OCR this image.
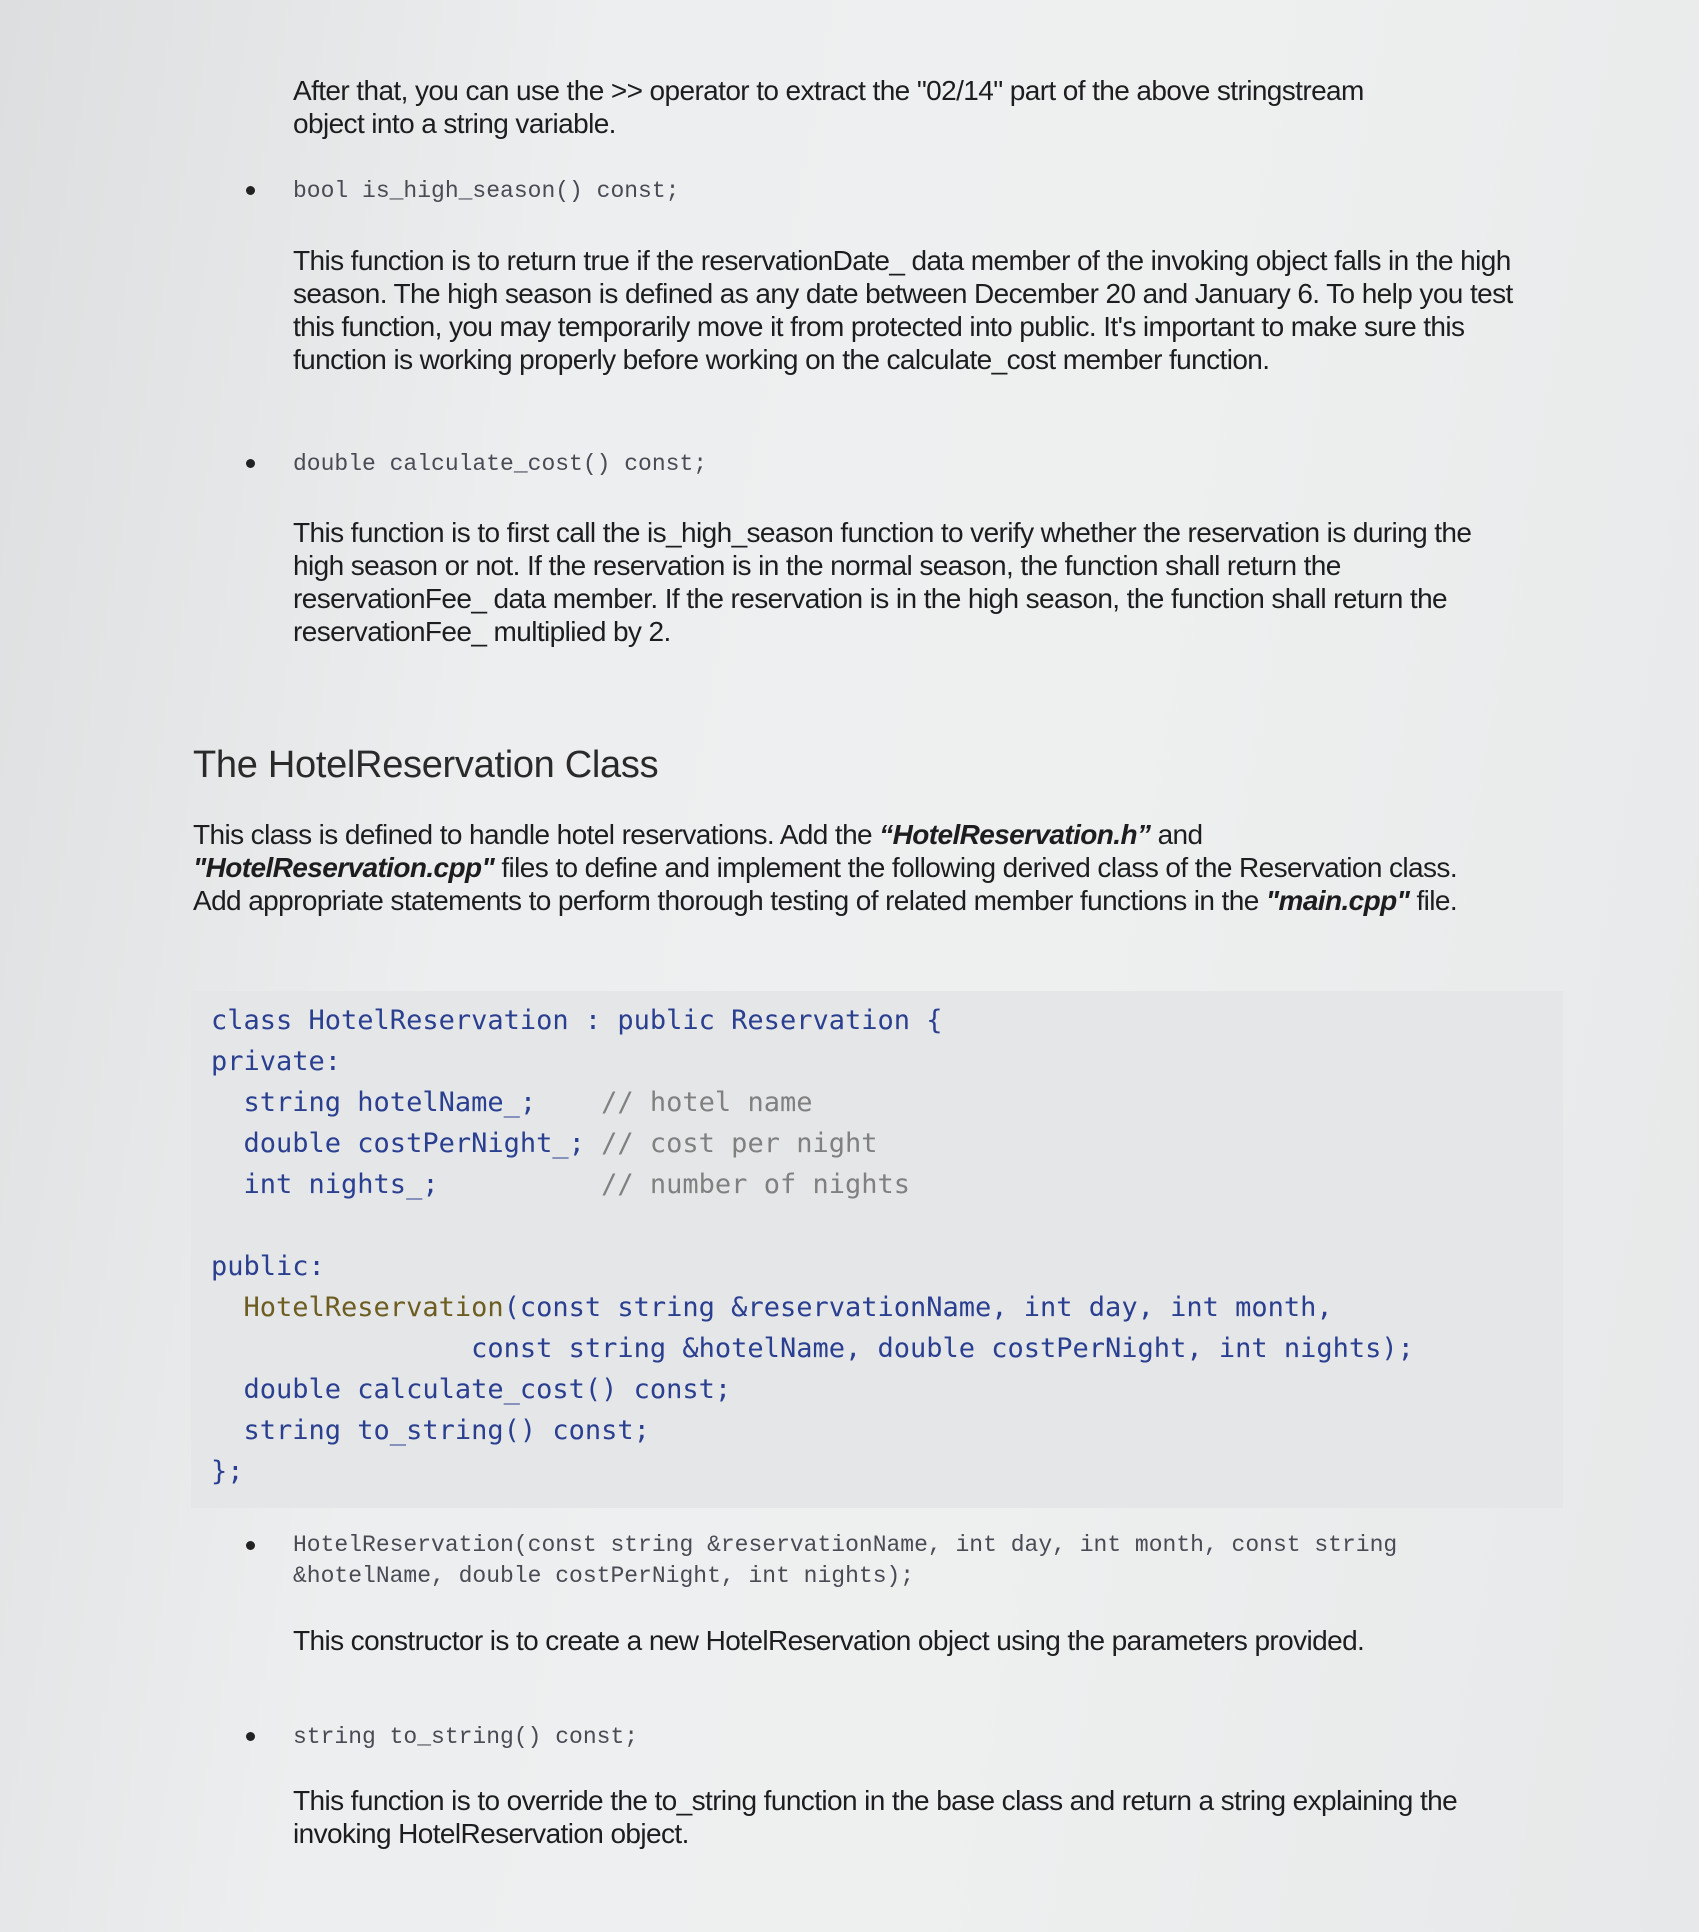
After that, you can use the >> operator to extract the "02/14" part of the above stringstream object into a string variable.
bool is_high_season() const;
This function is to return true if the reservationDate_ data member of the invoking object falls in the high season. The high season is defined as any date between December 20 and January 6. To help you test this function, you may temporarily move it from protected into public. It's important to make sure this function is working properly before working on the calculate_cost member function.
double calculate_cost() const;
This function is to first call the is_high_season function to verify whether the reservation is during the high season or not. If the reservation is in the normal season, the function shall return the reservationFee_ data member. If the reservation is in the high season, the function shall return the reservationFee_ multiplied by 2.
The HotelReservation Class
This class is defined to handle hotel reservations. Add the “HotelReservation.h” and "HotelReservation.cpp" files to define and implement the following derived class of the Reservation class. Add appropriate statements to perform thorough testing of related member functions in the "main.cpp" file.
class HotelReservation : public Reservation {
private:
string hotelName_;    // hotel name
double costPerNight_; // cost per night
int nights_;          // number of nights
public:
HotelReservation(const string &reservationName, int day, int month,
const string &hotelName, double costPerNight, int nights);
double calculate_cost() const;
string to_string() const;
};
HotelReservation(const string &reservationName, int day, int month, const string &hotelName, double costPerNight, int nights);
This constructor is to create a new HotelReservation object using the parameters provided.
string to_string() const;
This function is to override the to_string function in the base class and return a string explaining the invoking HotelReservation object.
